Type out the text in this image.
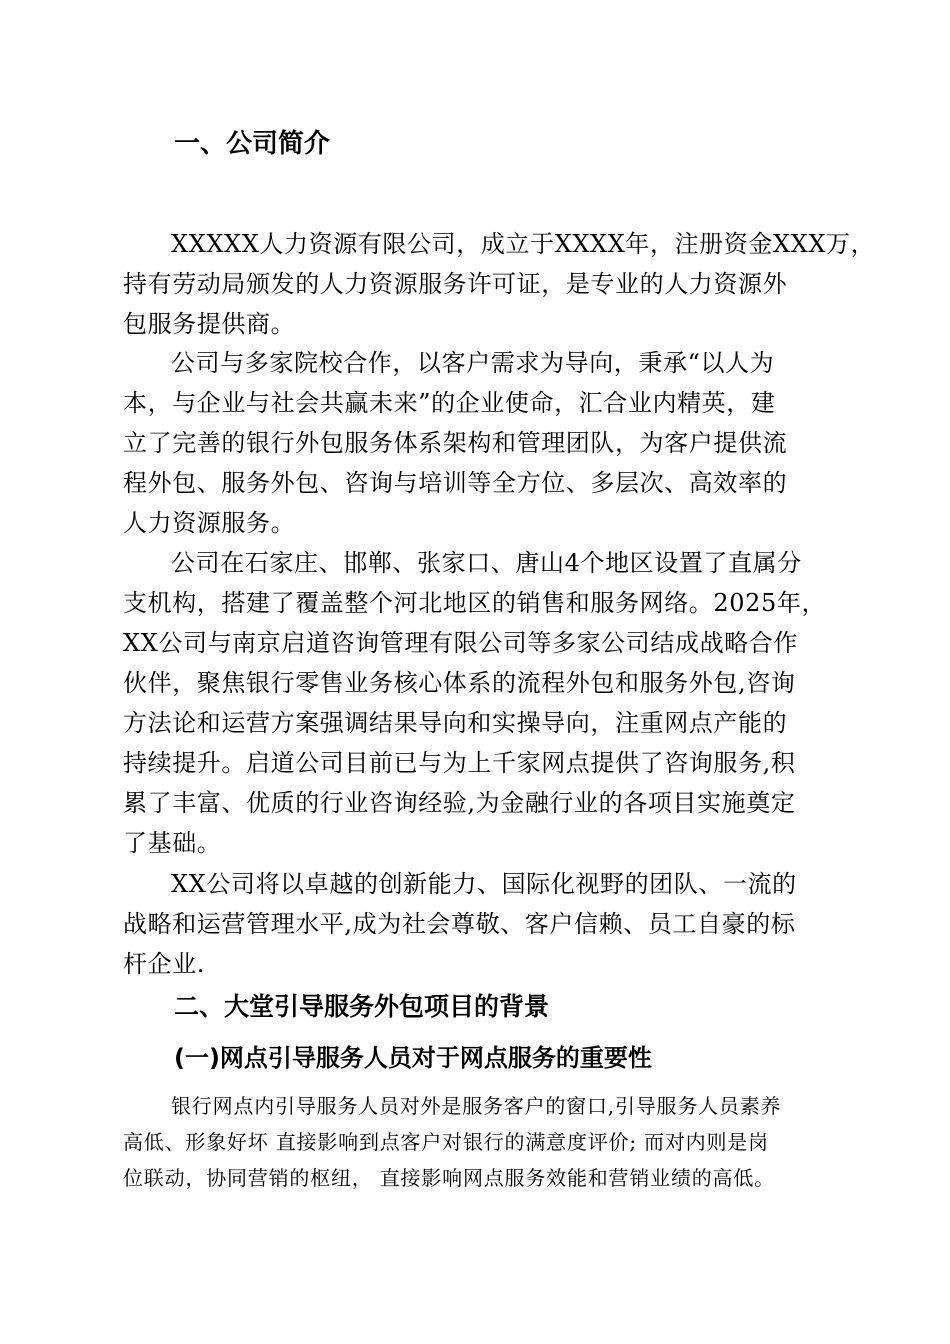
一、公司简介

XXXXX人力资源有限公司，成立于XXXX年，注册资金XXX万，
持有劳动局颁发的人力资源服务许可证，是专业的人力资源外
包服务提供商。

公司与多家院校合作，以客户需求为导向，秉承“以人为
本，与企业与社会共赢未来”的企业使命，汇合业内精英，建
立了完善的银行外包服务体系架构和管理团队，为客户提供流
程外包、服务外包、咨询与培训等全方位、多层次、高效率的
人力资源服务。

公司在石家庄、邯郸、张家口、唐山4个地区设置了直属分
支机构，搭建了覆盖整个河北地区的销售和服务网络。2025年，
XX公司与南京启道咨询管理有限公司等多家公司结成战略合作
伙伴，聚焦银行零售业务核心体系的流程外包和服务外包,咨询
方法论和运营方案强调结果导向和实操导向，注重网点产能的
持续提升。启道公司目前已与为上千家网点提供了咨询服务,积
累了丰富、优质的行业咨询经验,为金融行业的各项目实施奠定
了基础。

XX公司将以卓越的创新能力、国际化视野的团队、一流的
战略和运营管理水平,成为社会尊敬、客户信赖、员工自豪的标
杆企业.

二、大堂引导服务外包项目的背景
(一)网点引导服务人员对于网点服务的重要性

银行网点内引导服务人员对外是服务客户的窗口,引导服务人员素养
高低、形象好坏 直接影响到点客户对银行的满意度评价; 而对内则是岗
位联动，协同营销的枢纽， 直接影响网点服务效能和营销业绩的高低。
